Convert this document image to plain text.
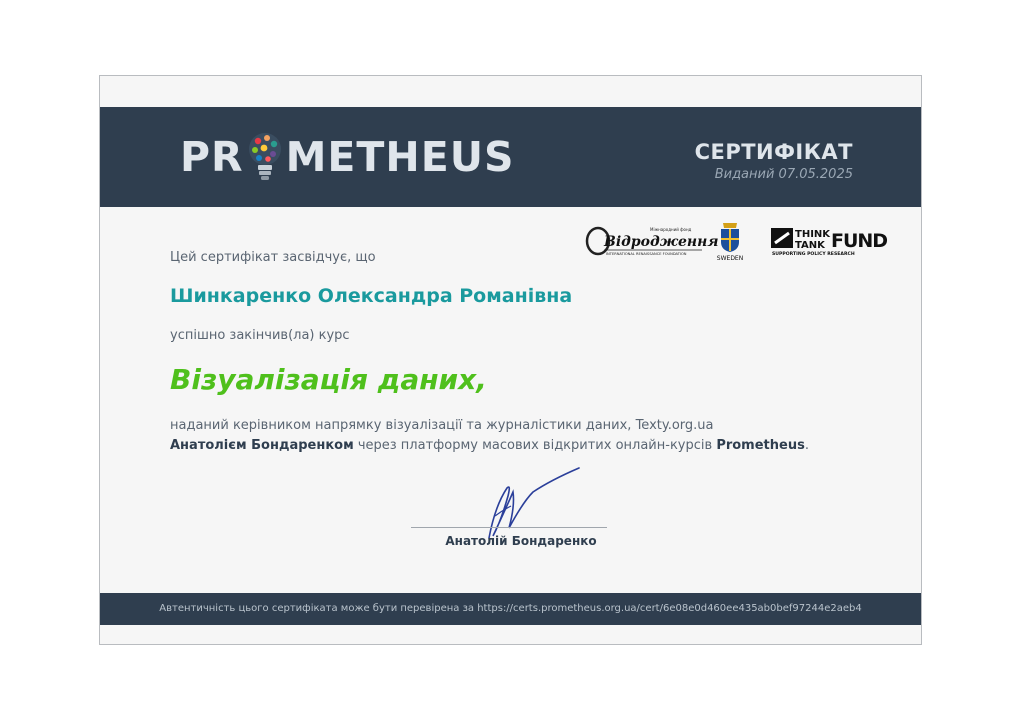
PR METHEUS	СЕРТИФІКАТ
Виданий 07.05.2025
Міжнародний фонд
Відродження
INTERNATIONAL RENAISSANCE FOUNDATION
SWEDEN
THINK
TANK FUND
SUPPORTING POLICY RESEARCH
Цей сертифікат засвідчує, що
Шинкаренко Олександра Романівна
успішно закінчив(ла) курс
Візуалізація даних,
наданий керівником напрямку візуалізації та журналістики даних, Texty.org.ua
Анатолієм Бондаренком через платформу масових відкритих онлайн-курсів Prometheus.
Анатолій Бондаренко
Автентичність цього сертифіката може бути перевірена за https://certs.prometheus.org.ua/cert/6e08e0d460ee435ab0bef97244e2aeb4
